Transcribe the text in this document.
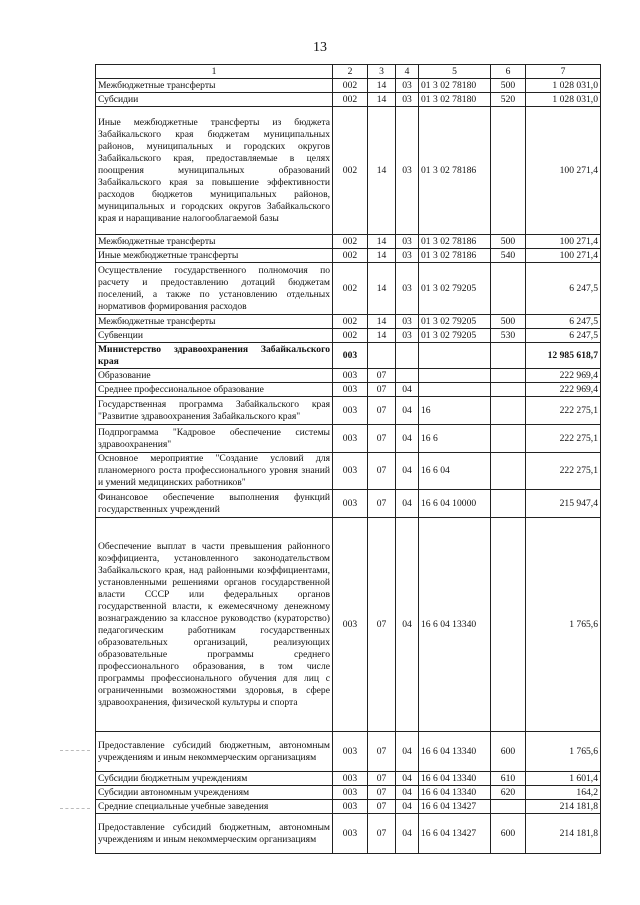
13
1	2	3	4	5	6	7
Межбюджетные трансферты	002	14	03	01 3 02 78180	500	1 028 031,0
Субсидии	002	14	03	01 3 02 78180	520	1 028 031,0
Иные межбюджетные трансферты из бюджета Забайкальского края бюджетам муниципальных районов, муниципальных и городских округов Забайкальского края, предоставляемые в целях поощрения муниципальных образований Забайкальского края за повышение эффективности расходов бюджетов муниципальных районов, муниципальных и городских округов Забайкальского края и наращивание налогооблагаемой базы	002	14	03	01 3 02 78186		100 271,4
Межбюджетные трансферты	002	14	03	01 3 02 78186	500	100 271,4
Иные межбюджетные трансферты	002	14	03	01 3 02 78186	540	100 271,4
Осуществление государственного полномочия по расчету и предоставлению дотаций бюджетам поселений, а также по установлению отдельных нормативов формирования расходов	002	14	03	01 3 02 79205		6 247,5
Межбюджетные трансферты	002	14	03	01 3 02 79205	500	6 247,5
Субвенции	002	14	03	01 3 02 79205	530	6 247,5
Министерство здравоохранения Забайкальского края	003					12 985 618,7
Образование	003	07				222 969,4
Среднее профессиональное образование	003	07	04			222 969,4
Государственная программа Забайкальского края "Развитие здравоохранения Забайкальского края"	003	07	04	16		222 275,1
Подпрограмма "Кадровое обеспечение системы здравоохранения"	003	07	04	16 6		222 275,1
Основное мероприятие "Создание условий для планомерного роста профессионального уровня знаний и умений медицинских работников"	003	07	04	16 6 04		222 275,1
Финансовое обеспечение выполнения функций государственных учреждений	003	07	04	16 6 04 10000		215 947,4
Обеспечение выплат в части превышения районного коэффициента, установленного законодательством Забайкальского края, над районными коэффициентами, установленными решениями органов государственной власти СССР или федеральных органов государственной власти, к ежемесячному денежному вознаграждению за классное руководство (кураторство) педагогическим работникам государственных образовательных организаций, реализующих образовательные программы среднего профессионального образования, в том числе программы профессионального обучения для лиц с ограниченными возможностями здоровья, в сфере здравоохранения, физической культуры и спорта	003	07	04	16 6 04 13340		1 765,6
Предоставление субсидий бюджетным, автономным учреждениям и иным некоммерческим организациям	003	07	04	16 6 04 13340	600	1 765,6
Субсидии бюджетным учреждениям	003	07	04	16 6 04 13340	610	1 601,4
Субсидии автономным учреждениям	003	07	04	16 6 04 13340	620	164,2
Средние специальные учебные заведения	003	07	04	16 6 04 13427		214 181,8
Предоставление субсидий бюджетным, автономным учреждениям и иным некоммерческим организациям	003	07	04	16 6 04 13427	600	214 181,8
